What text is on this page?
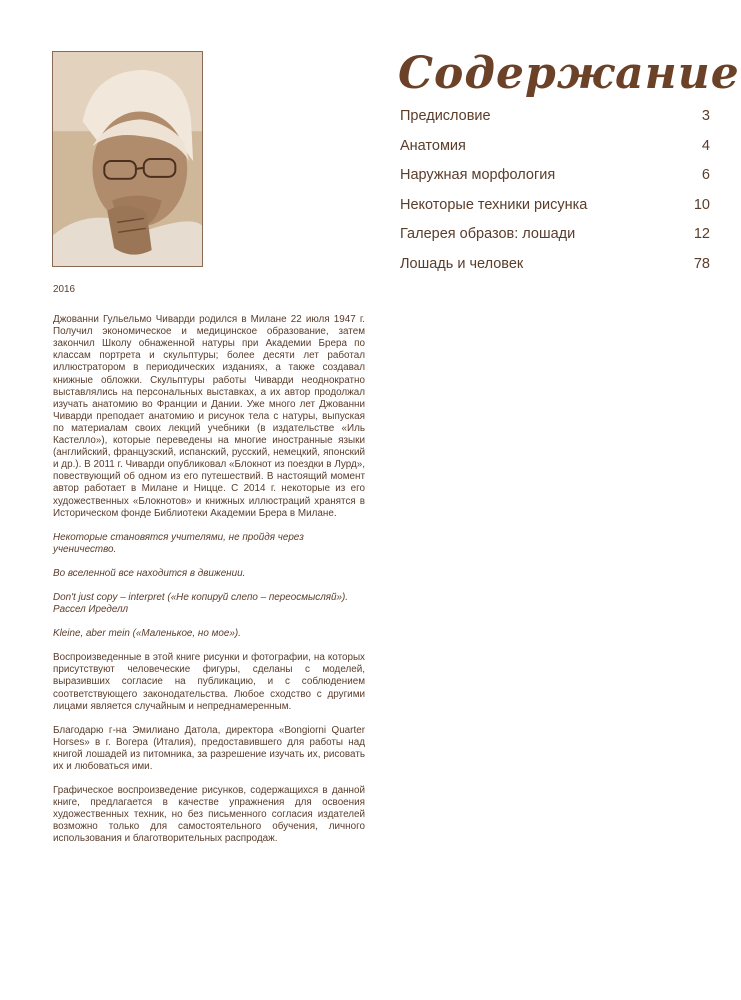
2016

Джованни Гульельмо Чиварди родился в Милане 22 июля 1947 г. Получил экономическое и медицинское образование, затем закончил Школу обнаженной натуры при Академии Брера по классам портрета и скульптуры; более десяти лет работал иллюстратором в периодических изданиях, а также создавал книжные обложки. Скульптуры работы Чиварди неоднократно выставлялись на персональных выставках, а их автор продолжал изучать анатомию во Франции и Дании. Уже много лет Джованни Чиварди преподает анатомию и рисунок тела с натуры, выпуская по материалам своих лекций учебники (в издательстве «Иль Кастелло»), которые переведены на многие иностранные языки (английский, французский, испанский, русский, немецкий, японский и др.). В 2011 г. Чиварди опубликовал «Блокнот из поездки в Лурд», повествующий об одном из его путешествий. В настоящий момент автор работает в Милане и Ницце. С 2014 г. некоторые из его художественных «Блокнотов» и книжных иллюстраций хранятся в Историческом фонде Библиотеки Академии Брера в Милане.

Некоторые становятся учителями, не пройдя через ученичество.

Во вселенной все находится в движении.

Don't just copy – interpret («Не копируй слепо – переосмысляй»).
Рассел Иределл

Kleine, aber mein («Маленькое, но мое»).

Воспроизведенные в этой книге рисунки и фотографии, на которых присутствуют человеческие фигуры, сделаны с моделей, выразивших согласие на публикацию, и с соблюдением соответствующего законодательства. Любое сходство с другими лицами является случайным и непреднамеренным.

Благодарю г-на Эмилиано Датола, директора «Bongiorni Quarter Horses» в г. Вогера (Италия), предоставившего для работы над книгой лошадей из питомника, за разрешение изучать их, рисовать их и любоваться ими.

Графическое воспроизведение рисунков, содержащихся в данной книге, предлагается в качестве упражнения для освоения художественных техник, но без письменного согласия издателей возможно только для самостоятельного обучения, личного использования и благотворительных распродаж.

Содержание
Предисловие	3
Анатомия	4
Наружная морфология	6
Некоторые техники рисунка	10
Галерея образов: лошади	12
Лошадь и человек	78
